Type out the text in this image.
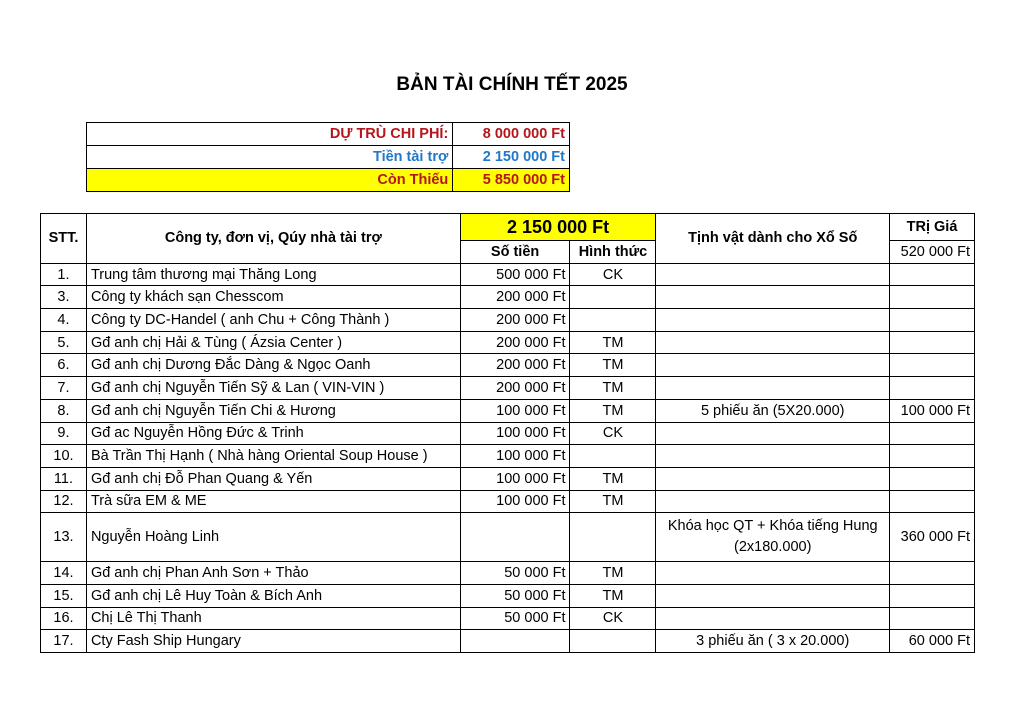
BẢN TÀI CHÍNH TẾT 2025
DỰ TRÙ CHI PHÍ:	8 000 000 Ft
Tiền tài trợ	2 150 000 Ft
Còn Thiếu	5 850 000 Ft
STT.	Công ty, đơn vị, Qúy nhà tài trợ	2 150 000 Ft		Tịnh vật dành cho Xổ Số	TRị Giá
		Số tiền	Hình thức		520 000 Ft
1.	Trung tâm thương mại Thăng Long	500 000 Ft	CK		
3.	Công ty khách sạn Chesscom	200 000 Ft			
4.	Công ty DC-Handel ( anh Chu + Công Thành )	200 000 Ft			
5.	Gđ anh chị Hải & Tùng ( Ázsia Center )	200 000 Ft	TM		
6.	Gđ anh chị Dương Đắc Dàng & Ngọc Oanh	200 000 Ft	TM		
7.	Gđ anh chị Nguyễn Tiến Sỹ & Lan ( VIN-VIN )	200 000 Ft	TM		
8.	Gđ anh chị Nguyễn Tiến Chi & Hương	100 000 Ft	TM	5 phiếu ăn (5X20.000)	100 000 Ft
9.	Gđ ac Nguyễn Hồng Đức & Trinh	100 000 Ft	CK		
10.	Bà Trần Thị Hạnh ( Nhà hàng Oriental Soup House )	100 000 Ft			
11.	Gđ anh chị Đỗ Phan Quang & Yến	100 000 Ft	TM		
12.	Trà sữa EM & ME	100 000 Ft	TM		
13.	Nguyễn Hoàng Linh			Khóa học QT + Khóa tiếng Hung (2x180.000)	360 000 Ft
14.	Gđ anh chị Phan Anh Sơn + Thảo	50 000 Ft	TM		
15.	Gđ anh chị Lê Huy Toàn & Bích Anh	50 000 Ft	TM		
16.	Chị Lê Thị Thanh	50 000 Ft	CK		
17.	Cty Fash Ship Hungary			3 phiếu ăn ( 3 x 20.000)	60 000 Ft
